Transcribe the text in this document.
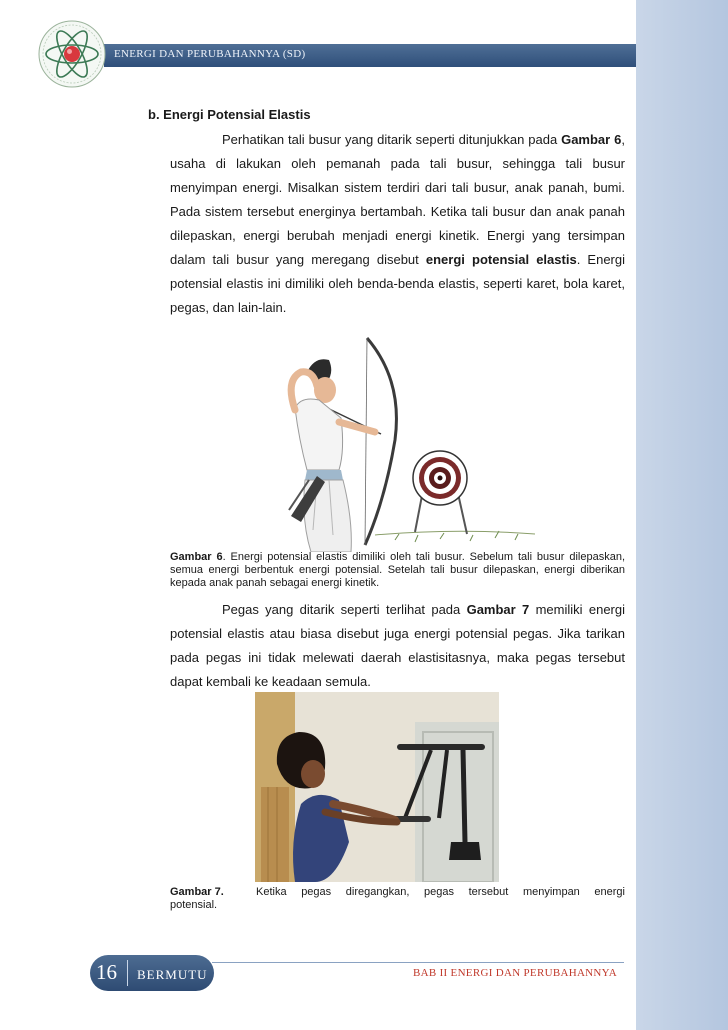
ENERGI DAN PERUBAHANNYA (SD)
b. Energi Potensial Elastis

Perhatikan tali busur yang ditarik seperti ditunjukkan pada Gambar 6, usaha di lakukan oleh pemanah pada tali busur, sehingga tali busur menyimpan energi. Misalkan sistem terdiri dari tali busur, anak panah, bumi. Pada sistem tersebut energinya bertambah. Ketika tali busur dan anak panah dilepaskan, energi berubah menjadi energi kinetik. Energi yang tersimpan dalam tali busur yang meregang disebut energi potensial elastis. Energi potensial elastis ini dimiliki oleh benda-benda elastis, seperti karet, bola karet, pegas, dan lain-lain.

Gambar 6. Energi potensial elastis dimiliki oleh tali busur. Sebelum tali busur dilepaskan, semua energi berbentuk energi potensial. Setelah tali busur dilepaskan, energi diberikan kepada anak panah sebagai energi kinetik.

Pegas yang ditarik seperti terlihat pada Gambar 7 memiliki energi potensial elastis atau biasa disebut juga energi potensial pegas. Jika tarikan pada pegas ini tidak melewati daerah elastisitasnya, maka pegas tersebut dapat kembali ke keadaan semula.

Gambar 7.	Ketika pegas diregangkan, pegas tersebut menyimpan energi
potensial.
16 BERMUTU	BAB II ENERGI DAN PERUBAHANNYA
